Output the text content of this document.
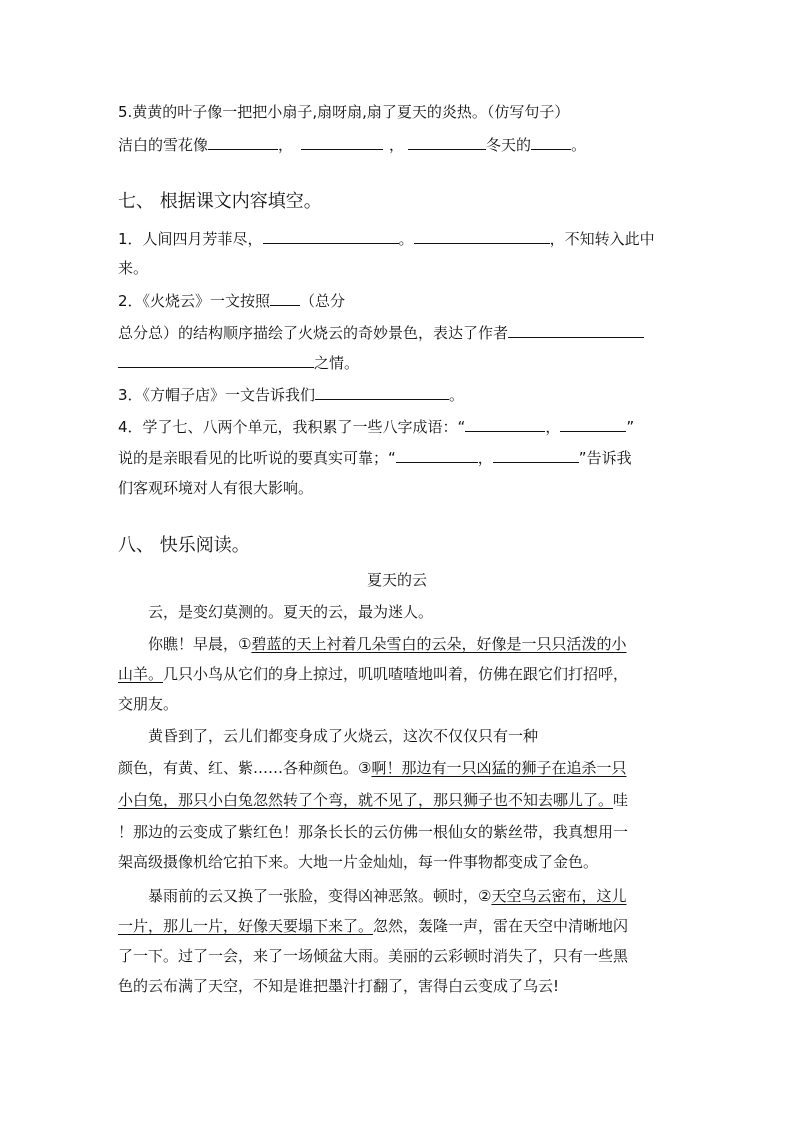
5.黄黄的叶子像一把把小扇子,扇呀扇,扇了夏天的炎热。（仿写句子）
洁白的雪花像	，	，	冬天的	。
七、 根据课文内容填空。
1．人间四月芳菲尽，	。	，不知转入此中
来。
2．《火烧云》一文按照 （总分
总分总）的结构顺序描绘了火烧云的奇妙景色，表达了作者
之情。
3．《方帽子店》一文告诉我们	。
4．学了七、八两个单元，我积累了一些八字成语：“	，	”
说的是亲眼看见的比听说的要真实可靠；“	，	”告诉我
们客观环境对人有很大影响。
八、 快乐阅读。
夏天的云
云，是变幻莫测的。夏天的云，最为迷人。
你瞧！早晨，①碧蓝的天上衬着几朵雪白的云朵，好像是一只只活泼的小
山羊。几只小鸟从它们的身上掠过，叽叽喳喳地叫着，仿佛在跟它们打招呼，
交朋友。
黄昏到了，云儿们都变身成了火烧云，这次不仅仅只有一种
颜色，有黄、红、紫……各种颜色。③啊！那边有一只凶猛的狮子在追杀一只
小白兔，那只小白兔忽然转了个弯，就不见了，那只狮子也不知去哪儿了。哇
！那边的云变成了紫红色！那条长长的云仿佛一根仙女的紫丝带，我真想用一
架高级摄像机给它拍下来。大地一片金灿灿，每一件事物都变成了金色。
暴雨前的云又换了一张脸，变得凶神恶煞。顿时，②天空乌云密布，这儿
一片，那儿一片，好像天要塌下来了。忽然，轰隆一声，雷在天空中清晰地闪
了一下。过了一会，来了一场倾盆大雨。美丽的云彩顿时消失了，只有一些黑
色的云布满了天空，不知是谁把墨汁打翻了，害得白云变成了乌云!
